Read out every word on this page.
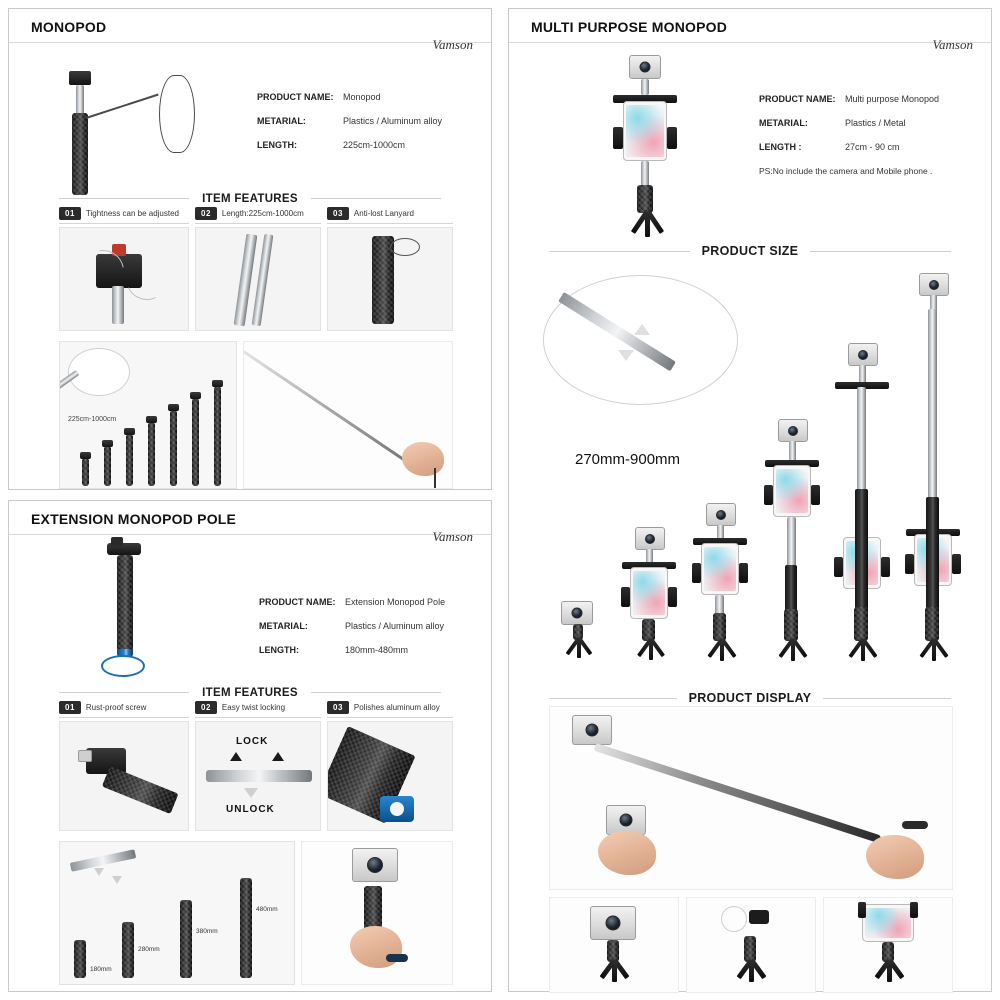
MONOPOD
Vamson
PRODUCT NAME:	Monopod
METARIAL:	Plastics / Aluminum alloy
LENGTH:	225cm-1000cm
ITEM FEATURES
01	Tightness can be adjusted	02	Length:225cm-1000cm	03	Anti-lost Lanyard
225cm-1000cm
EXTENSION MONOPOD POLE
Vamson
PRODUCT NAME:	Extension Monopod Pole
METARIAL:	Plastics / Aluminum alloy
LENGTH:	180mm-480mm
ITEM FEATURES
01	Rust-proof screw	02	Easy twist locking	03	Polishes aluminum alloy
LOCK
UNLOCK
180mm
280mm
380mm
480mm
MULTI PURPOSE MONOPOD
Vamson
PRODUCT NAME:	Multi purpose Monopod
METARIAL:	Plastics / Metal
LENGTH :	27cm - 90 cm
PS:No include the camera and Mobile phone .
PRODUCT SIZE
270mm-900mm
PRODUCT DISPLAY
